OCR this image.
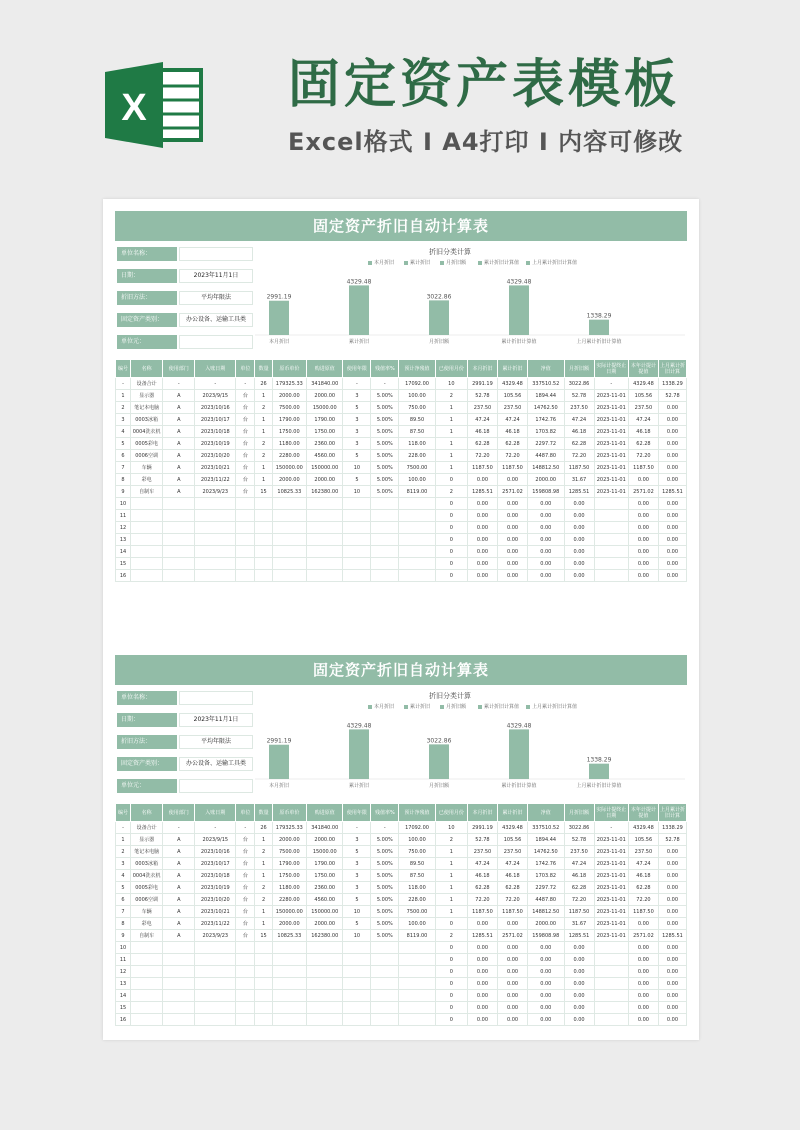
X	固定资产表模板
Excel格式 I A4打印 I 内容可修改
固定资产折旧自动计算表
单位名称：
日期：	2023年11月1日
折旧方法：	平均年限法
固定资产类别：	办公设备、运输工具类
单位元：
折旧分类计算
本月折旧	累计折旧	月折旧额	累计折旧计算值	上月累计折旧计算值
2991.19
本月折旧
4329.48
累计折旧
3022.86
月折旧额
4329.48
累计折旧计算值
1338.29
上月累计折旧计算值
编号	名称	使用部门	入账日期	单位	数量	原币单价	购进原值	使用年限	残值率%	预计净残值	已使用月份	本月折旧	累计折旧	净值	月折旧额	实际计提终止日期	本年计提计提值	上月累计折旧计算
-	设备合计	-	-	-	26	179325.33	341840.00	-	-	17092.00	10	2991.19	4329.48	337510.52	3022.86	-	4329.48	1338.29
1	显示器	A	2023/9/15	台	1	2000.00	2000.00	3	5.00%	100.00	2	52.78	105.56	1894.44	52.78	2023-11-01	105.56	52.78
2	笔记本电脑	A	2023/10/16	台	2	7500.00	15000.00	5	5.00%	750.00	1	237.50	237.50	14762.50	237.50	2023-11-01	237.50	0.00
3	0003冰箱	A	2023/10/17	台	1	1790.00	1790.00	3	5.00%	89.50	1	47.24	47.24	1742.76	47.24	2023-11-01	47.24	0.00
4	0004洗衣机	A	2023/10/18	台	1	1750.00	1750.00	3	5.00%	87.50	1	46.18	46.18	1703.82	46.18	2023-11-01	46.18	0.00
5	0005彩电	A	2023/10/19	台	2	1180.00	2360.00	3	5.00%	118.00	1	62.28	62.28	2297.72	62.28	2023-11-01	62.28	0.00
6	0006空调	A	2023/10/20	台	2	2280.00	4560.00	5	5.00%	228.00	1	72.20	72.20	4487.80	72.20	2023-11-01	72.20	0.00
7	车辆	A	2023/10/21	台	1	150000.00	150000.00	10	5.00%	7500.00	1	1187.50	1187.50	148812.50	1187.50	2023-11-01	1187.50	0.00
8	彩电	A	2023/11/22	台	1	2000.00	2000.00	5	5.00%	100.00	0	0.00	0.00	2000.00	31.67	2023-11-01	0.00	0.00
9	自制车	A	2023/9/23	台	15	10825.33	162380.00	10	5.00%	8119.00	2	1285.51	2571.02	159808.98	1285.51	2023-11-01	2571.02	1285.51
10											0	0.00	0.00	0.00	0.00		0.00	0.00
11											0	0.00	0.00	0.00	0.00		0.00	0.00
12											0	0.00	0.00	0.00	0.00		0.00	0.00
13											0	0.00	0.00	0.00	0.00		0.00	0.00
14											0	0.00	0.00	0.00	0.00		0.00	0.00
15											0	0.00	0.00	0.00	0.00		0.00	0.00
16											0	0.00	0.00	0.00	0.00		0.00	0.00
固定资产折旧自动计算表
单位名称：
日期：	2023年11月1日
折旧方法：	平均年限法
固定资产类别：	办公设备、运输工具类
单位元：
折旧分类计算
本月折旧	累计折旧	月折旧额	累计折旧计算值	上月累计折旧计算值
2991.19
本月折旧
4329.48
累计折旧
3022.86
月折旧额
4329.48
累计折旧计算值
1338.29
上月累计折旧计算值
编号	名称	使用部门	入账日期	单位	数量	原币单价	购进原值	使用年限	残值率%	预计净残值	已使用月份	本月折旧	累计折旧	净值	月折旧额	实际计提终止日期	本年计提计提值	上月累计折旧计算
-	设备合计	-	-	-	26	179325.33	341840.00	-	-	17092.00	10	2991.19	4329.48	337510.52	3022.86	-	4329.48	1338.29
1	显示器	A	2023/9/15	台	1	2000.00	2000.00	3	5.00%	100.00	2	52.78	105.56	1894.44	52.78	2023-11-01	105.56	52.78
2	笔记本电脑	A	2023/10/16	台	2	7500.00	15000.00	5	5.00%	750.00	1	237.50	237.50	14762.50	237.50	2023-11-01	237.50	0.00
3	0003冰箱	A	2023/10/17	台	1	1790.00	1790.00	3	5.00%	89.50	1	47.24	47.24	1742.76	47.24	2023-11-01	47.24	0.00
4	0004洗衣机	A	2023/10/18	台	1	1750.00	1750.00	3	5.00%	87.50	1	46.18	46.18	1703.82	46.18	2023-11-01	46.18	0.00
5	0005彩电	A	2023/10/19	台	2	1180.00	2360.00	3	5.00%	118.00	1	62.28	62.28	2297.72	62.28	2023-11-01	62.28	0.00
6	0006空调	A	2023/10/20	台	2	2280.00	4560.00	5	5.00%	228.00	1	72.20	72.20	4487.80	72.20	2023-11-01	72.20	0.00
7	车辆	A	2023/10/21	台	1	150000.00	150000.00	10	5.00%	7500.00	1	1187.50	1187.50	148812.50	1187.50	2023-11-01	1187.50	0.00
8	彩电	A	2023/11/22	台	1	2000.00	2000.00	5	5.00%	100.00	0	0.00	0.00	2000.00	31.67	2023-11-01	0.00	0.00
9	自制车	A	2023/9/23	台	15	10825.33	162380.00	10	5.00%	8119.00	2	1285.51	2571.02	159808.98	1285.51	2023-11-01	2571.02	1285.51
10											0	0.00	0.00	0.00	0.00		0.00	0.00
11											0	0.00	0.00	0.00	0.00		0.00	0.00
12											0	0.00	0.00	0.00	0.00		0.00	0.00
13											0	0.00	0.00	0.00	0.00		0.00	0.00
14											0	0.00	0.00	0.00	0.00		0.00	0.00
15											0	0.00	0.00	0.00	0.00		0.00	0.00
16											0	0.00	0.00	0.00	0.00		0.00	0.00
